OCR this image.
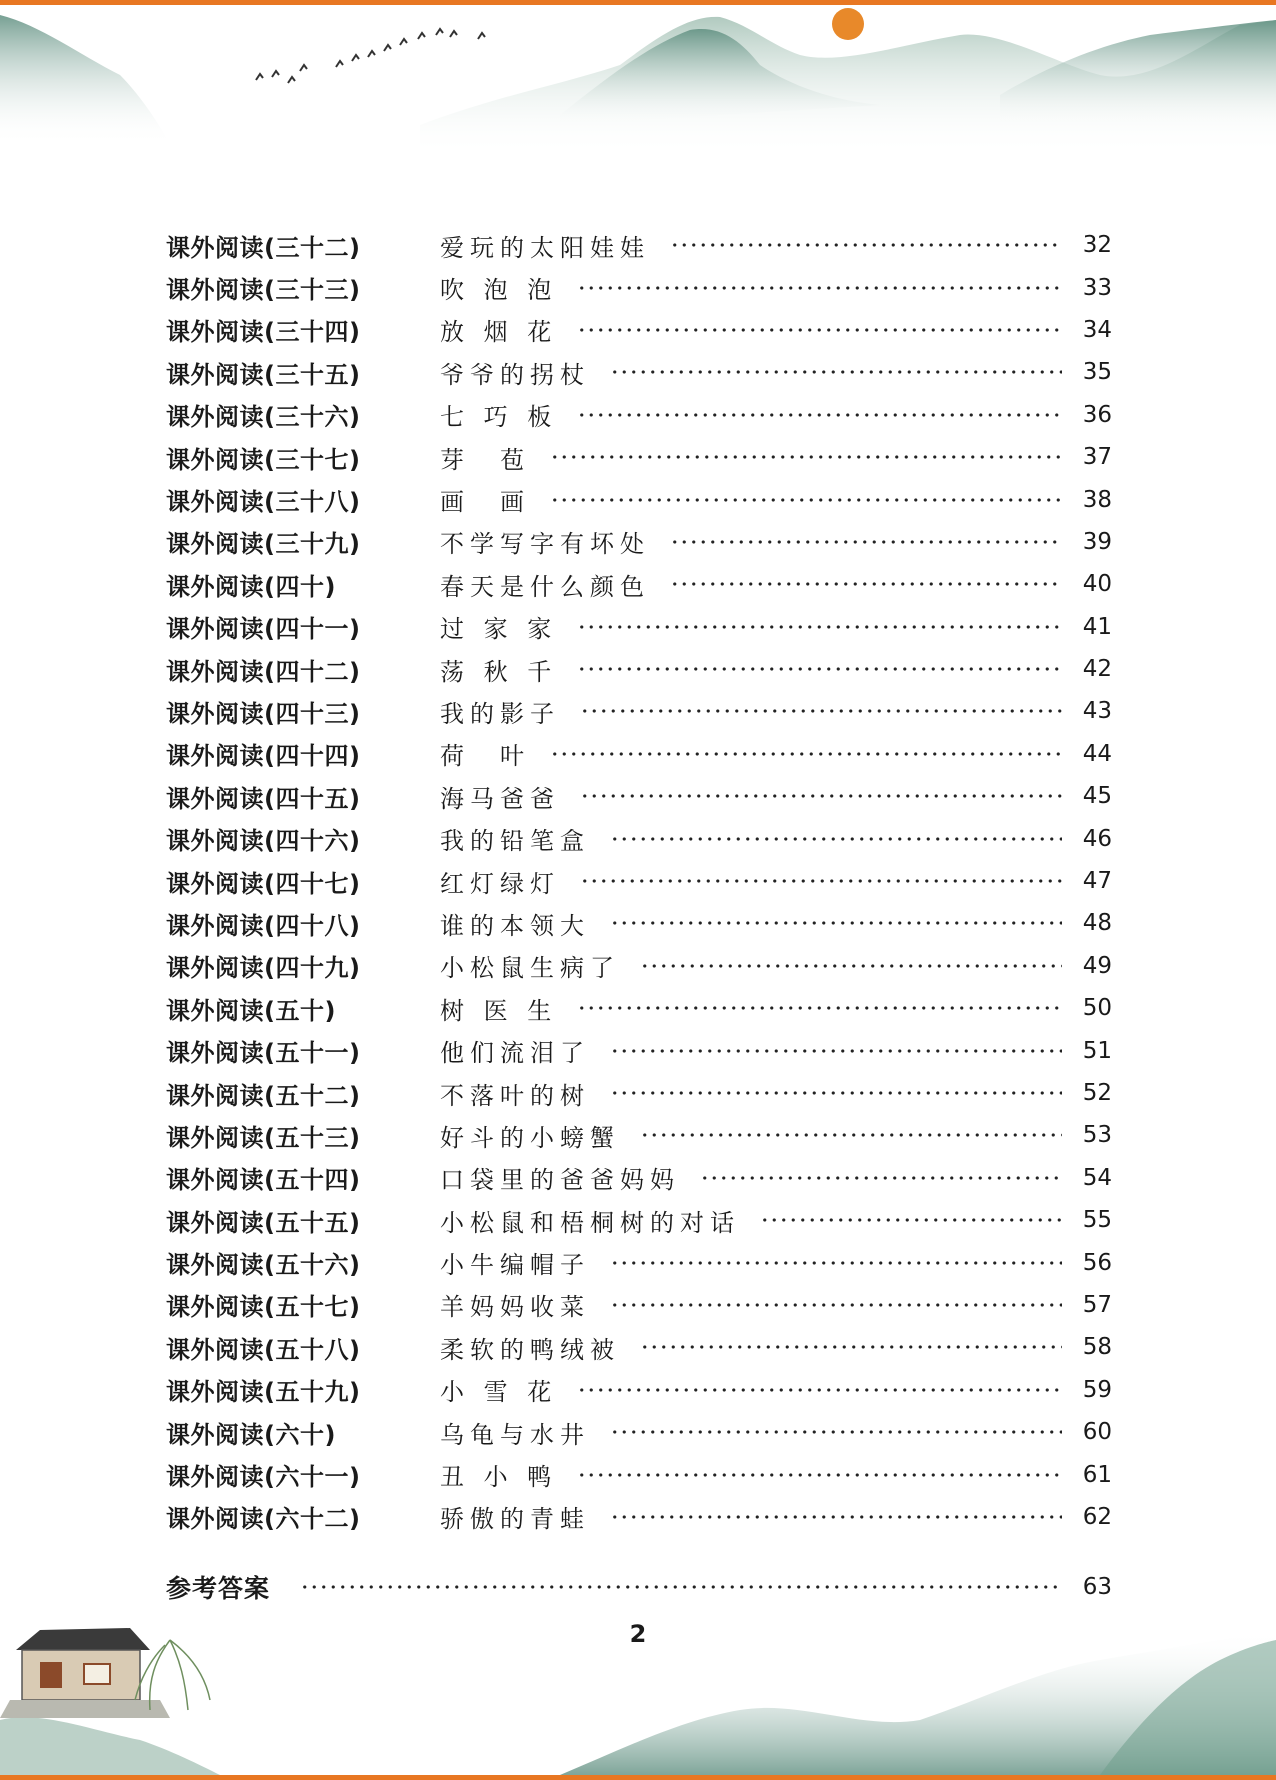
课外阅读(三十二)	爱玩的太阳娃娃	32
课外阅读(三十三)	吹 泡 泡	33
课外阅读(三十四)	放 烟 花	34
课外阅读(三十五)	爷爷的拐杖	35
课外阅读(三十六)	七 巧 板	36
课外阅读(三十七)	芽　苞	37
课外阅读(三十八)	画　画	38
课外阅读(三十九)	不学写字有坏处	39
课外阅读(四十)	春天是什么颜色	40
课外阅读(四十一)	过 家 家	41
课外阅读(四十二)	荡 秋 千	42
课外阅读(四十三)	我的影子	43
课外阅读(四十四)	荷　叶	44
课外阅读(四十五)	海马爸爸	45
课外阅读(四十六)	我的铅笔盒	46
课外阅读(四十七)	红灯绿灯	47
课外阅读(四十八)	谁的本领大	48
课外阅读(四十九)	小松鼠生病了	49
课外阅读(五十)	树 医 生	50
课外阅读(五十一)	他们流泪了	51
课外阅读(五十二)	不落叶的树	52
课外阅读(五十三)	好斗的小螃蟹	53
课外阅读(五十四)	口袋里的爸爸妈妈	54
课外阅读(五十五)	小松鼠和梧桐树的对话	55
课外阅读(五十六)	小牛编帽子	56
课外阅读(五十七)	羊妈妈收菜	57
课外阅读(五十八)	柔软的鸭绒被	58
课外阅读(五十九)	小 雪 花	59
课外阅读(六十)	乌龟与水井	60
课外阅读(六十一)	丑 小 鸭	61
课外阅读(六十二)	骄傲的青蛙	62
参考答案	63
2
